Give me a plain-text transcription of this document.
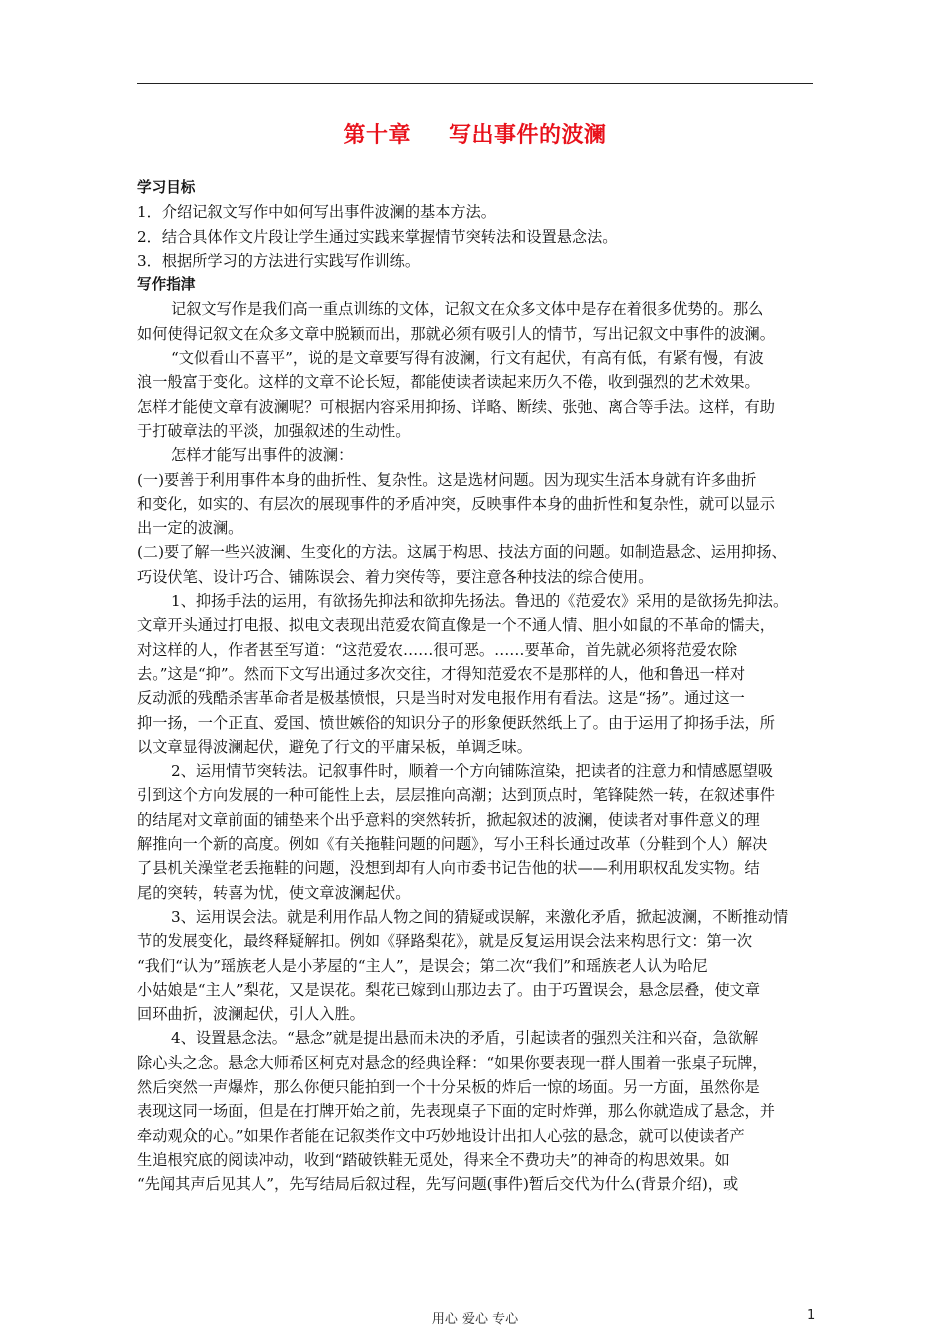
第十章 写出事件的波澜
学习目标
1．介绍记叙文写作中如何写出事件波澜的基本方法。
2．结合具体作文片段让学生通过实践来掌握情节突转法和设置悬念法。
3．根据所学习的方法进行实践写作训练。
写作指津
记叙文写作是我们高一重点训练的文体，记叙文在众多文体中是存在着很多优势的。那么
如何使得记叙文在众多文章中脱颖而出，那就必须有吸引人的情节，写出记叙文中事件的波澜。
“文似看山不喜平”，说的是文章要写得有波澜，行文有起伏，有高有低，有紧有慢，有波
浪一般富于变化。这样的文章不论长短，都能使读者读起来历久不倦，收到强烈的艺术效果。
怎样才能使文章有波澜呢？可根据内容采用抑扬、详略、断续、张弛、离合等手法。这样，有助
于打破章法的平淡，加强叙述的生动性。
怎样才能写出事件的波澜：
(一)要善于利用事件本身的曲折性、复杂性。这是选材问题。因为现实生活本身就有许多曲折
和变化，如实的、有层次的展现事件的矛盾冲突，反映事件本身的曲折性和复杂性，就可以显示
出一定的波澜。
(二)要了解一些兴波澜、生变化的方法。这属于构思、技法方面的问题。如制造悬念、运用抑扬、
巧设伏笔、设计巧合、铺陈误会、着力突传等，要注意各种技法的综合使用。
1、抑扬手法的运用，有欲扬先抑法和欲抑先扬法。鲁迅的《范爱农》采用的是欲扬先抑法。
文章开头通过打电报、拟电文表现出范爱农简直像是一个不通人情、胆小如鼠的不革命的懦夫，
对这样的人，作者甚至写道：“这范爱农……很可恶。……要革命，首先就必须将范爱农除
去。”这是“抑”。然而下文写出通过多次交往，才得知范爱农不是那样的人，他和鲁迅一样对
反动派的残酷杀害革命者是极基愤恨，只是当时对发电报作用有看法。这是“扬”。通过这一
抑一扬，一个正直、爱国、愤世嫉俗的知识分子的形象便跃然纸上了。由于运用了抑扬手法，所
以文章显得波澜起伏，避免了行文的平庸呆板，单调乏味。
2、运用情节突转法。记叙事件时，顺着一个方向铺陈渲染，把读者的注意力和情感愿望吸
引到这个方向发展的一种可能性上去，层层推向高潮；达到顶点时，笔锋陡然一转，在叙述事件
的结尾对文章前面的铺垫来个出乎意料的突然转折，掀起叙述的波澜，使读者对事件意义的理
解推向一个新的高度。例如《有关拖鞋问题的问题》，写小王科长通过改革（分鞋到个人）解决
了县机关澡堂老丢拖鞋的问题，没想到却有人向市委书记告他的状——利用职权乱发实物。结
尾的突转，转喜为忧，使文章波澜起伏。
3、运用误会法。就是利用作品人物之间的猜疑或误解，来激化矛盾，掀起波澜，不断推动情
节的发展变化，最终释疑解扣。例如《驿路梨花》，就是反复运用误会法来构思行文：第一次
“我们“认为”瑶族老人是小茅屋的“主人”，是误会；第二次“我们”和瑶族老人认为哈尼
小姑娘是“主人”梨花，又是误花。梨花已嫁到山那边去了。由于巧置误会，悬念层叠，使文章
回环曲折，波澜起伏，引人入胜。
4、设置悬念法。“悬念”就是提出悬而未决的矛盾，引起读者的强烈关注和兴奋，急欲解
除心头之念。悬念大师希区柯克对悬念的经典诠释：“如果你要表现一群人围着一张桌子玩牌，
然后突然一声爆炸，那么你便只能拍到一个十分呆板的炸后一惊的场面。另一方面，虽然你是
表现这同一场面，但是在打牌开始之前，先表现桌子下面的定时炸弹，那么你就造成了悬念，并
牵动观众的心。”如果作者能在记叙类作文中巧妙地设计出扣人心弦的悬念，就可以使读者产
生追根究底的阅读冲动，收到“踏破铁鞋无觅处，得来全不费功夫”的神奇的构思效果。如
“先闻其声后见其人”，先写结局后叙过程，先写问题(事件)暂后交代为什么(背景介绍)，或
用心 爱心 专心	1
